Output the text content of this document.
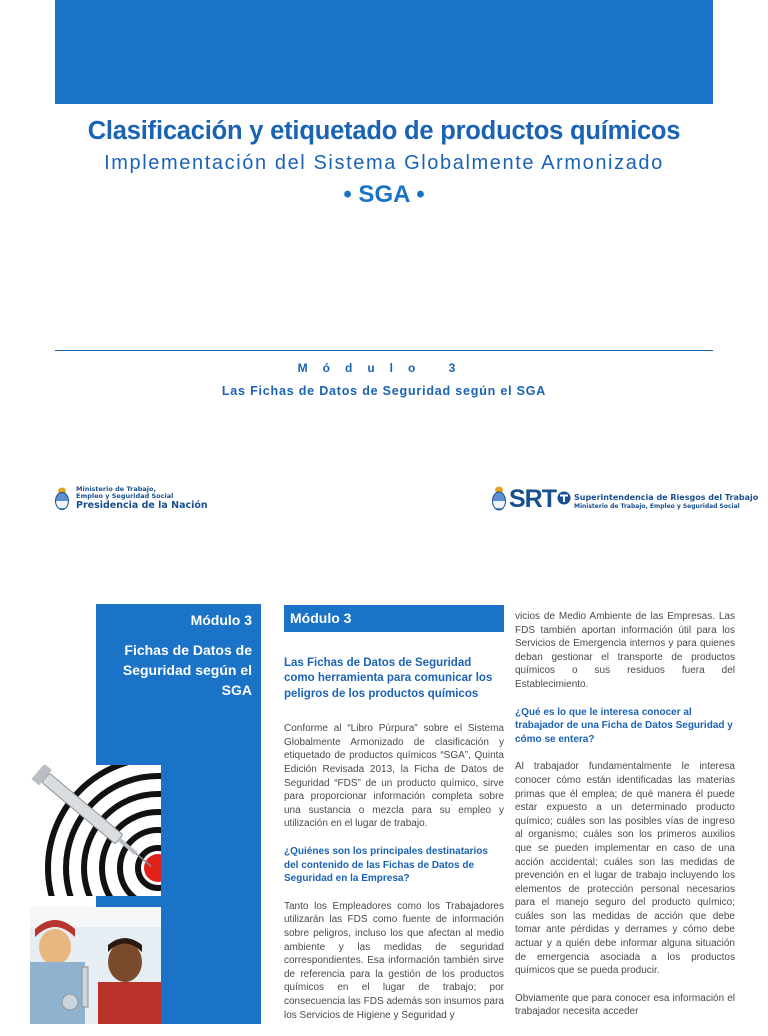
Clasificación y etiquetado de productos químicos
Implementación del Sistema Globalmente Armonizado
• SGA •
Módulo 3
Las Fichas de Datos de Seguridad según el SGA
Ministerio de Trabajo,
Empleo y Seguridad Social
Presidencia de la Nación	SRT Superintendencia de Riesgos del Trabajo
Ministerio de Trabajo, Empleo y Seguridad Social
Módulo 3
Fichas de Datos de Seguridad según el SGA
Módulo 3
Las Fichas de Datos de Seguridad como herramienta para comunicar los peligros de los productos químicos

Conforme al “Libro Púrpura” sobre el Sistema Globalmente Armonizado de clasificación y etiquetado de productos químicos “SGA”, Quinta Edición Revisada 2013, la Ficha de Datos de Seguridad “FDS” de un producto químico, sirve para proporcionar información completa sobre una sustancia o mezcla para su empleo y utilización en el lugar de trabajo.

¿Quiénes son los principales destinatarios del contenido de las Fichas de Datos de Seguridad en la Empresa?

Tanto los Empleadores como los Trabajadores utilizarán las FDS como fuente de información sobre peligros, incluso los que afectan al medio ambiente y las medidas de seguridad correspondientes. Esa información también sirve de referencia para la gestión de los productos químicos en el lugar de trabajo; por consecuencia las FDS además son insumos para los Servicios de Higiene y Seguridad y

vicios de Medio Ambiente de las Empresas. Las FDS también aportan información útil para los Servicios de Emergencia internos y para quienes deban gestionar el transporte de productos químicos o sus residuos fuera del Establecimiento.

¿Qué es lo que le interesa conocer al trabajador de una Ficha de Datos Seguridad y cómo se entera?

Al trabajador fundamentalmente le interesa conocer cómo están identificadas las materias primas que él emplea; de qué manera él puede estar expuesto a un determinado producto químico; cuáles son las posibles vías de ingreso al organismo; cuáles son los primeros auxilios que se pueden implementar en caso de una acción accidental; cuáles son las medidas de prevención en el lugar de trabajo incluyendo los elementos de protección personal necesarios para el manejo seguro del producto químico; cuáles son las medidas de acción que debe tomar ante pérdidas y derrames y cómo debe actuar y a quién debe informar alguna situación de emergencia asociada a los productos químicos que se pueda producir.

Obviamente que para conocer esa información el trabajador necesita acceder
